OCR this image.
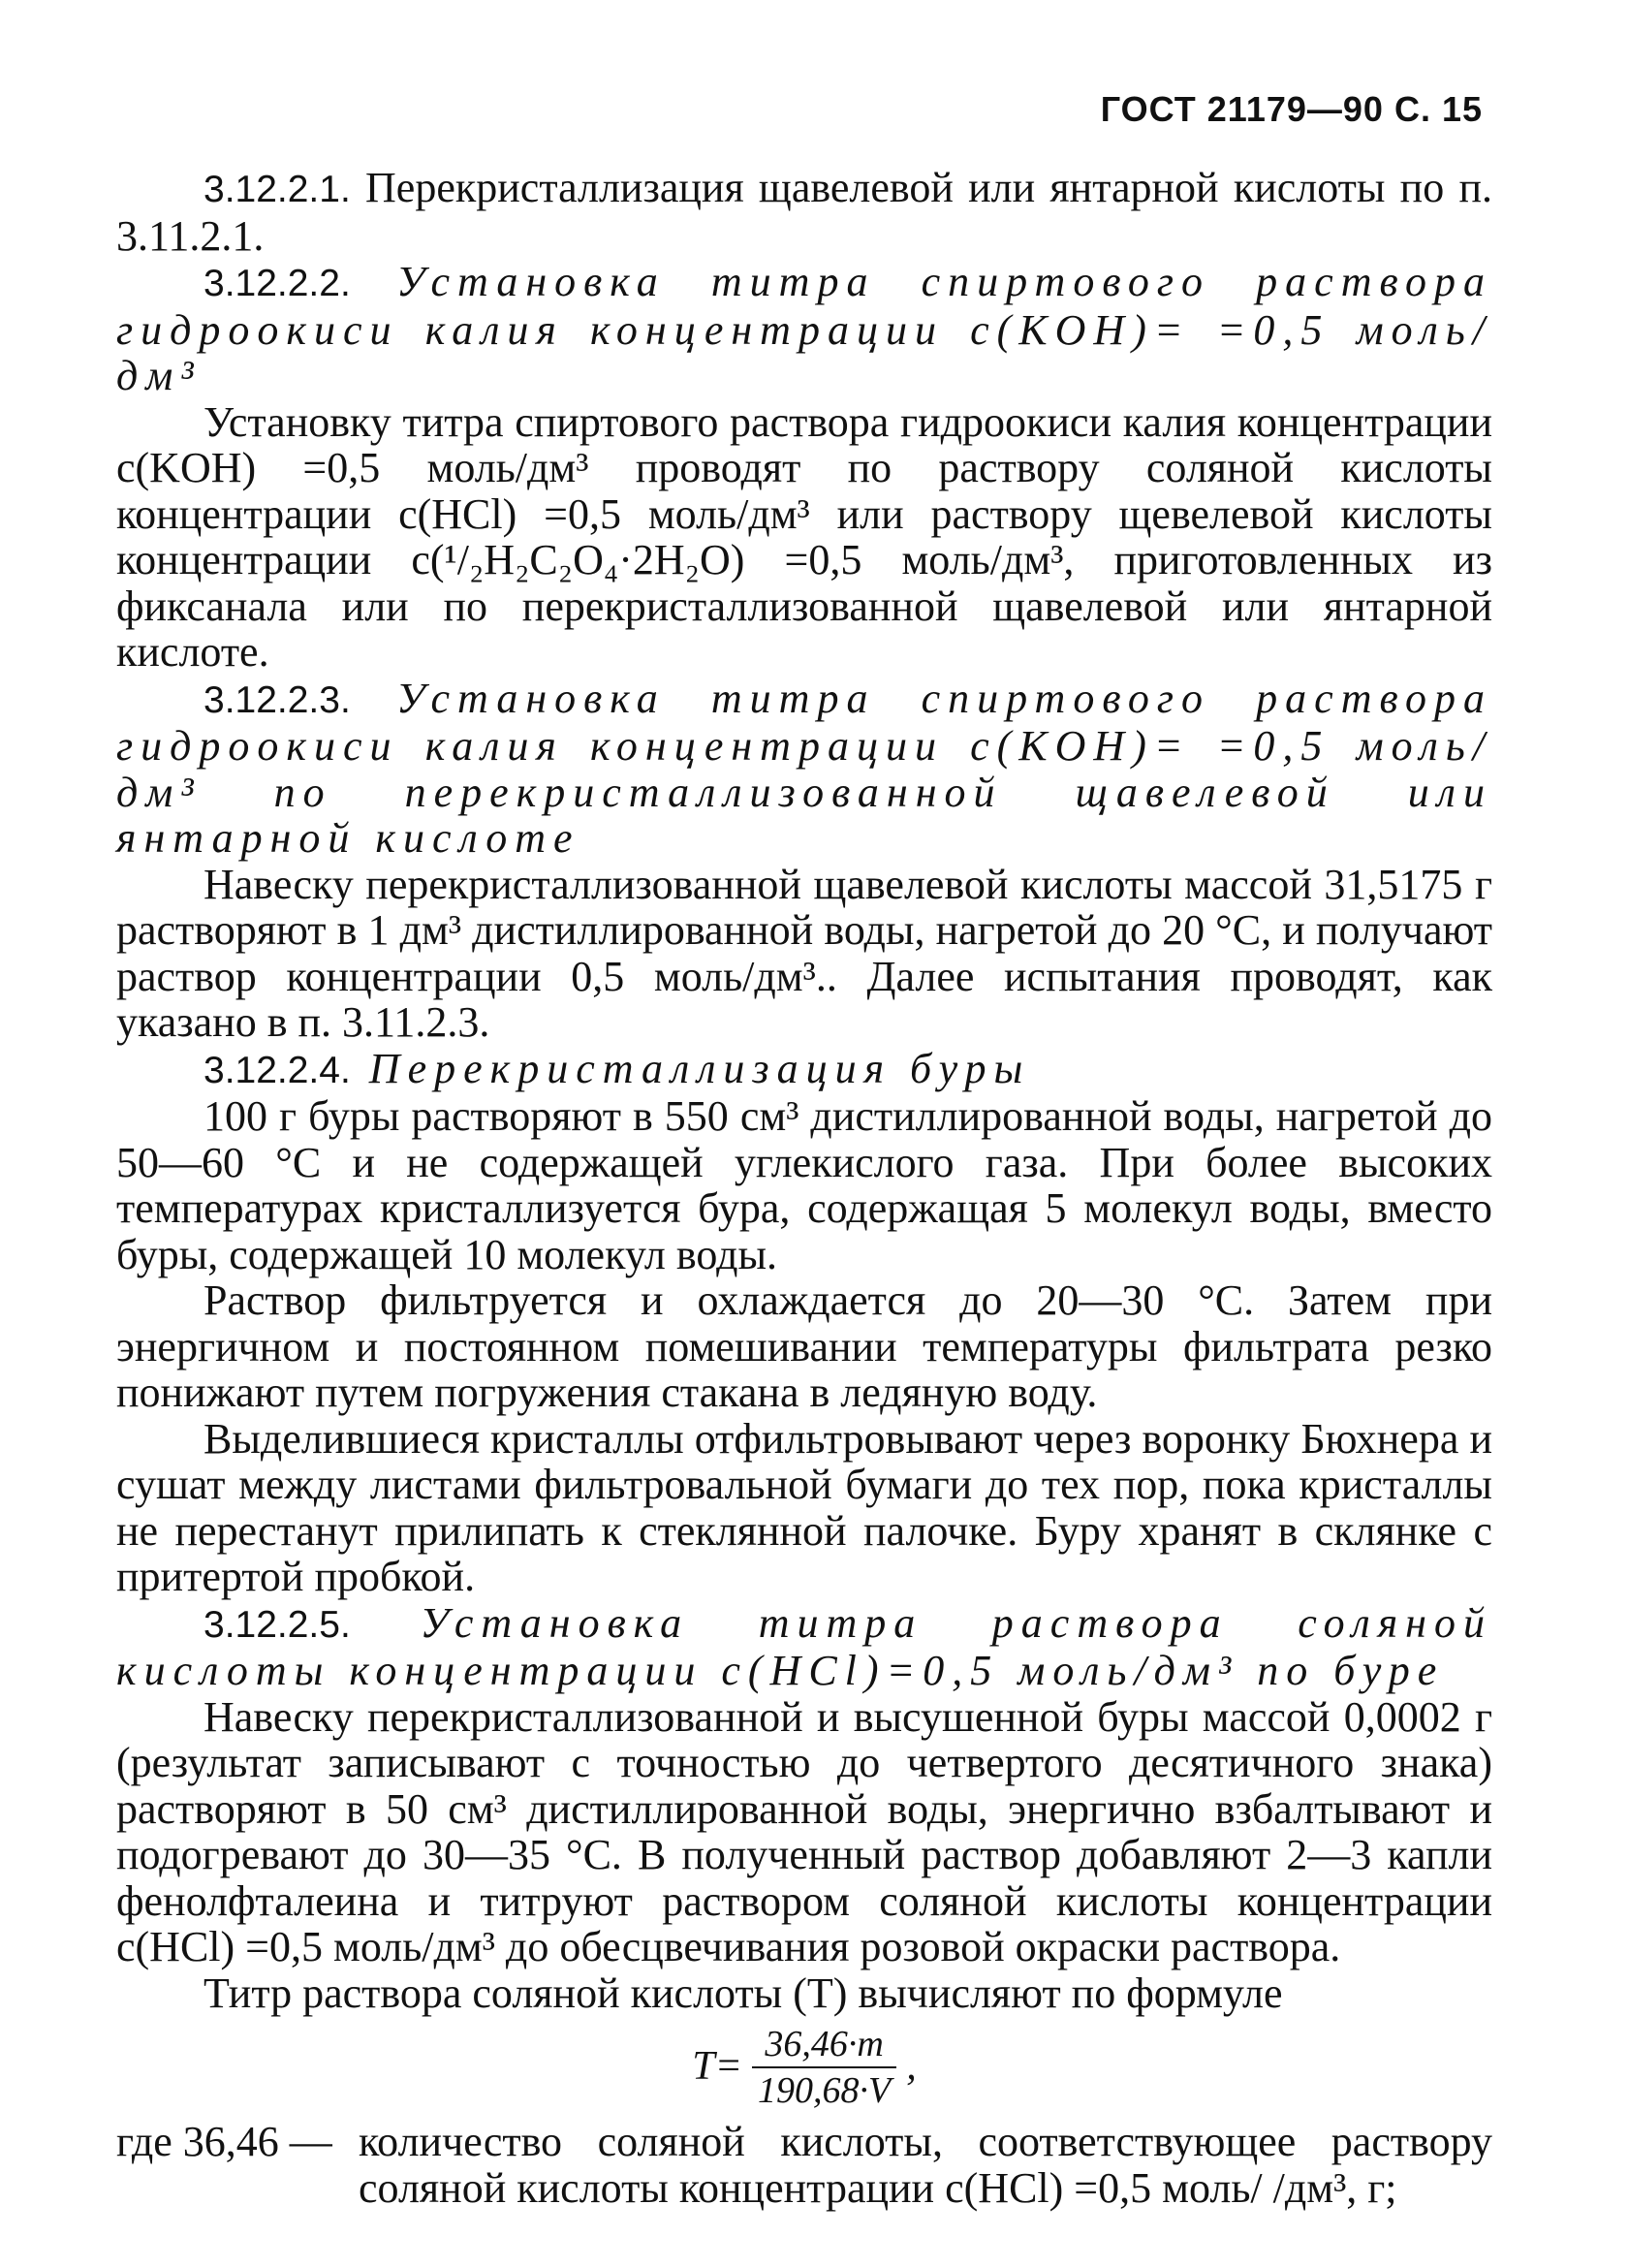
ГОСТ 21179—90 С. 15

3.12.2.1. Перекристаллизация щавелевой или янтарной кислоты по п. 3.11.2.1.

3.12.2.2. Установка титра спиртового раствора гидроокиси калия концентрации c(KOH)= =0,5 моль/дм³

Установку титра спиртового раствора гидроокиси калия концентрации c(KOH) =0,5 моль/дм³ проводят по раствору соляной кислоты концентрации c(HCl) =0,5 моль/дм³ или раствору щевелевой кислоты концентрации c(¹/₂H₂C₂O₄·2H₂O) =0,5 моль/дм³, приготовленных из фиксанала или по перекристаллизованной щавелевой или янтарной кислоте.

3.12.2.3. Установка титра спиртового раствора гидроокиси калия концентрации c(KOH)= =0,5 моль/дм³ по перекристаллизованной щавелевой или янтарной кислоте

Навеску перекристаллизованной щавелевой кислоты массой 31,5175 г растворяют в 1 дм³ дистиллированной воды, нагретой до 20 °С, и получают раствор концентрации 0,5 моль/дм³.. Далее испытания проводят, как указано в п. 3.11.2.3.

3.12.2.4. Перекристаллизация буры

100 г буры растворяют в 550 см³ дистиллированной воды, нагретой до 50—60 °С и не содержащей углекислого газа. При более высоких температурах кристаллизуется бура, содержащая 5 молекул воды, вместо буры, содержащей 10 молекул воды.

Раствор фильтруется и охлаждается до 20—30 °С. Затем при энергичном и постоянном помешивании температуры фильтрата резко понижают путем погружения стакана в ледяную воду.

Выделившиеся кристаллы отфильтровывают через воронку Бюхнера и сушат между листами фильтровальной бумаги до тех пор, пока кристаллы не перестанут прилипать к стеклянной палочке. Буру хранят в склянке с притертой пробкой.

3.12.2.5. Установка титра раствора соляной кислоты концентрации c(HCl)=0,5 моль/дм³ по буре

Навеску перекристаллизованной и высушенной буры массой 0,0002 г (результат записывают с точностью до четвертого десятичного знака) растворяют в 50 см³ дистиллированной воды, энергично взбалтывают и подогревают до 30—35 °С. В полученный раствор добавляют 2—3 капли фенолфталеина и титруют раствором соляной кислоты концентрации c(HCl) =0,5 моль/дм³ до обесцвечивания розовой окраски раствора.

Титр раствора соляной кислоты (T) вычисляют по формуле

$T= \frac{36,46\cdot m}{190,68\cdot V}$ ,
где 36,46 — количество соляной кислоты, соответствующее раствору соляной кислоты концентрации c(HCl) =0,5 моль/ /дм³, г;
